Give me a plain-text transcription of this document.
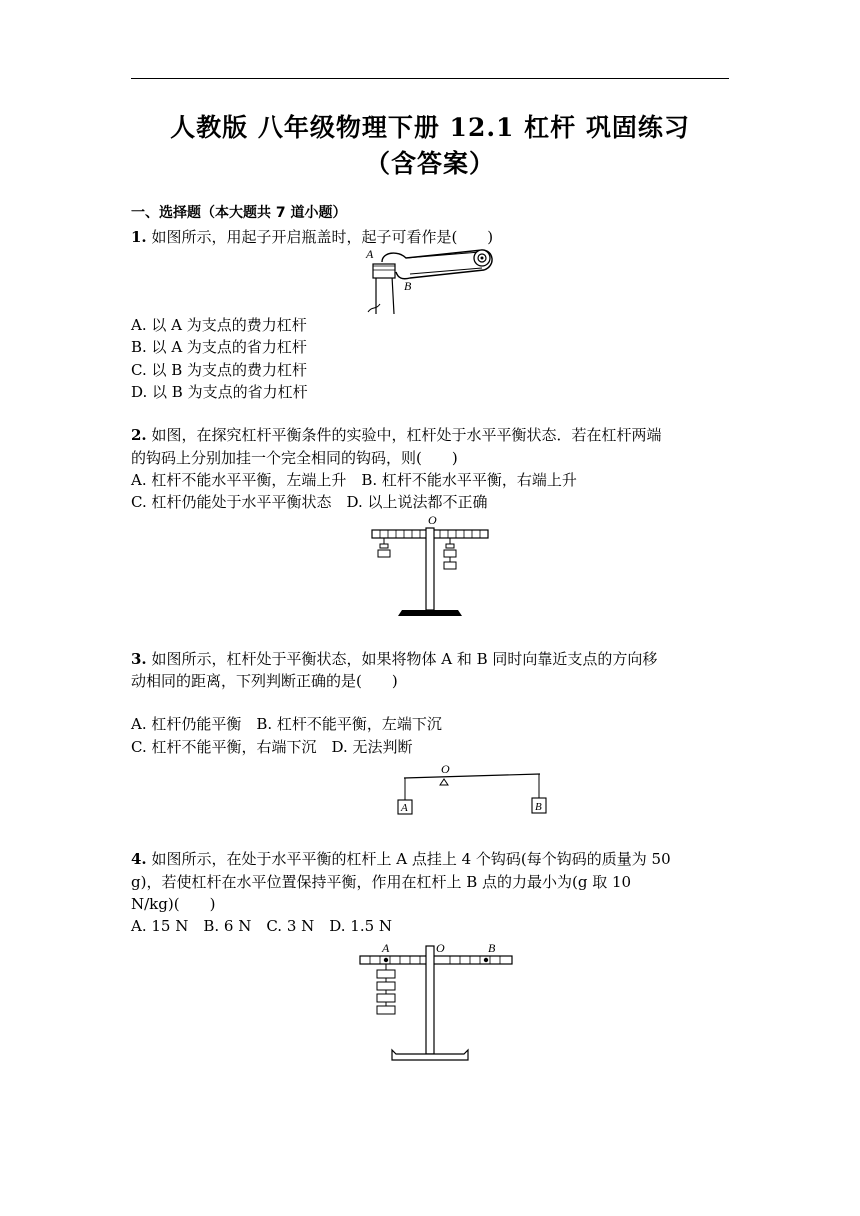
人教版 八年级物理下册 12.1 杠杆 巩固练习
（含答案）
一、选择题（本大题共 7 道小题）
1. 如图所示，用起子开启瓶盖时，起子可看作是(　　)
A
B
A. 以 A 为支点的费力杠杆
B. 以 A 为支点的省力杠杆
C. 以 B 为支点的费力杠杆
D. 以 B 为支点的省力杠杆
2. 如图，在探究杠杆平衡条件的实验中，杠杆处于水平平衡状态．若在杠杆两端
的钩码上分别加挂一个完全相同的钩码，则(　　)
A. 杠杆不能水平平衡，左端上升　B. 杠杆不能水平平衡，右端上升
C. 杠杆仍能处于水平平衡状态　D. 以上说法都不正确
O
3. 如图所示，杠杆处于平衡状态，如果将物体 A 和 B 同时向靠近支点的方向移
动相同的距离，下列判断正确的是(　　)
A. 杠杆仍能平衡　B. 杠杆不能平衡，左端下沉
C. 杠杆不能平衡，右端下沉　D. 无法判断
O
A	B
4. 如图所示，在处于水平平衡的杠杆上 A 点挂上 4 个钩码(每个钩码的质量为 50
g)，若使杠杆在水平位置保持平衡，作用在杠杆上 B 点的力最小为(g 取 10
N/kg)(　　)
A. 15 N　B. 6 N　C. 3 N　D. 1.5 N
A	O	B
